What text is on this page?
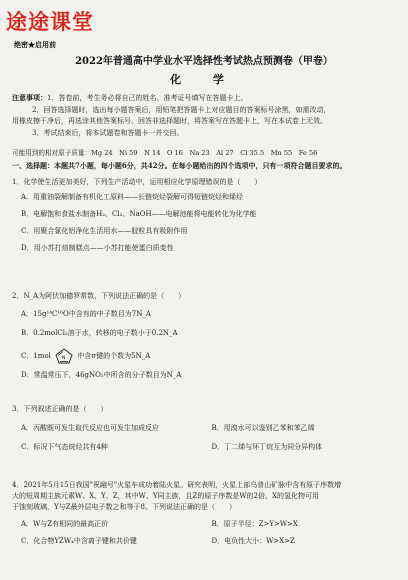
途途课堂
绝密★启用前
2022年普通高中学业水平选择性考试热点预测卷（甲卷）
化 学
注意事项：1．答卷前，考生务必将自己的姓名、准考证号填写在答题卡上。
2．回答选择题时，选出每小题答案后，用铅笔把答题卡上对应题目的答案标号涂黑，如需改动，
用橡皮擦干净后，再选涂其他答案标号。回答非选择题时，将答案写在答题卡上，写在本试卷上无效。
3．考试结束后，将本试题卷和答题卡一并交回。
可能用到的相对原子质量：Mg 24　Ni 59　N 14　O 16　Na 23　Al 27　Cl 35.5　Mn 55　Fe 56
一、选择题：本题共7小题，每小题6分，共42分。在每小题给出的四个选项中，只有一项符合题目要求的。
1．化学使生活更加美好，下列生产活动中，运用相应化学原理错误的是（　　）
A．用重油裂解制备有机化工原料——长链烷烃裂解可得短链烷烃和烯烃
B．电解饱和食盐水制备H₂、Cl₂、NaOH——电解池能将电能转化为化学能
C．用聚合氯化铝净化生活用水——胶粒具有吸附作用
D．用小苏打焙制糕点——小苏打能使蛋白质变性
2．N_A为阿伏加德罗常数，下列说法正确的是（　　）
A．15g¹⁴C¹⁶O中含有的中子数目为7N_A
B．0.2molCl₂溶于水，转移的电子数小于0.2N_A
C．1mol N 中含σ键的个数为5N_A
D．常温常压下，46gNO₂中所含的分子数目为N_A
3．下列叙述正确的是（　　）
A．丙酸既可发生取代反应也可发生加成反应	B．用溴水可以鉴别乙苯和苯乙烯
C．标况下气态烷烃共有4种	D．丁二烯与环丁烷互为同分异构体
4．2021年5月15日我国"祝融号"火星车成功着陆火星。研究表明，火星上部乌普山矿脉中含有原子序数增
大的短周期主族元素W、X、Y、Z，其中W、Y同主族，且Z的原子序数是W的2倍，X的氢化物可用
于蚀刻玻璃，Y与Z最外层电子数之和等于8。下列说法正确的是（　　）
A．W与Z有相同的最高正价	B．原子半径：Z>Y>W>X
C．化合物YZW₄中含离子键和共价键	D．电负性大小：W>X>Z
